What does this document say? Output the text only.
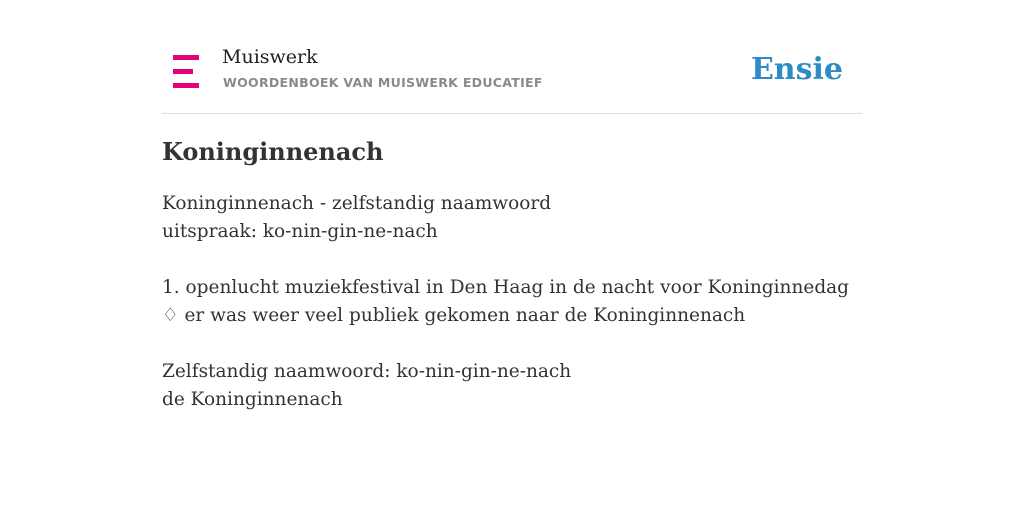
Muiswerk
WOORDENBOEK VAN MUISWERK EDUCATIEF	Ensie
Koninginnenach
Koninginnenach - zelfstandig naamwoord
uitspraak: ko-nin-gin-ne-nach
1. openlucht muziekfestival in Den Haag in de nacht voor Koninginnedag
♢ er was weer veel publiek gekomen naar de Koninginnenach
Zelfstandig naamwoord: ko-nin-gin-ne-nach
de Koninginnenach
